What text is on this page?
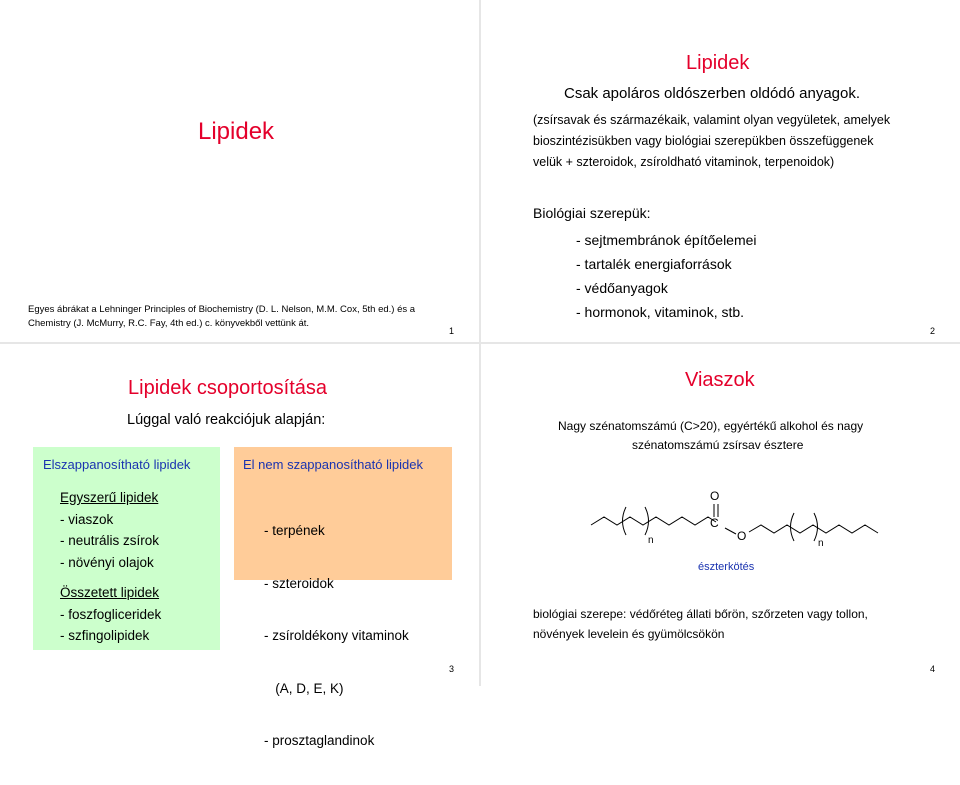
Lipidek
Egyes ábrákat a Lehninger Principles of Biochemistry (D. L. Nelson, M.M. Cox, 5th ed.) és a
Chemistry (J. McMurry, R.C. Fay, 4th ed.) c. könyvekből vettünk át.
1
Lipidek
Csak apoláros oldószerben oldódó anyagok.
(zsírsavak és származékaik, valamint olyan vegyületek, amelyek
bioszintézisükben vagy biológiai szerepükben összefüggenek
velük + szteroidok, zsíroldható vitaminok, terpenoidok)
Biológiai szerepük:
- sejtmembránok építőelemei
- tartalék energiaforrások
- védőanyagok
- hormonok, vitaminok, stb.
2
Lipidek csoportosítása
Lúggal való reakciójuk alapján:
Elszappanosítható lipidek
Egyszerű lipidek
- viaszok
- neutrális zsírok
- növényi olajok
Összetett lipidek
- foszfogliceridek
- szfingolipidek
El nem szappanosítható lipidek

- terpének

- szteroidok

- zsíroldékony vitaminok

(A, D, E, K)

- prosztaglandinok

3
Viaszok
Nagy szénatomszámú (C>20), egyértékű alkohol és nagy
szénatomszámú zsírsav észtere
O
C
O
n	n
észterkötés
biológiai szerepe: védőréteg állati bőrön, szőrzeten vagy tollon,
növények levelein és gyümölcsökön
4
